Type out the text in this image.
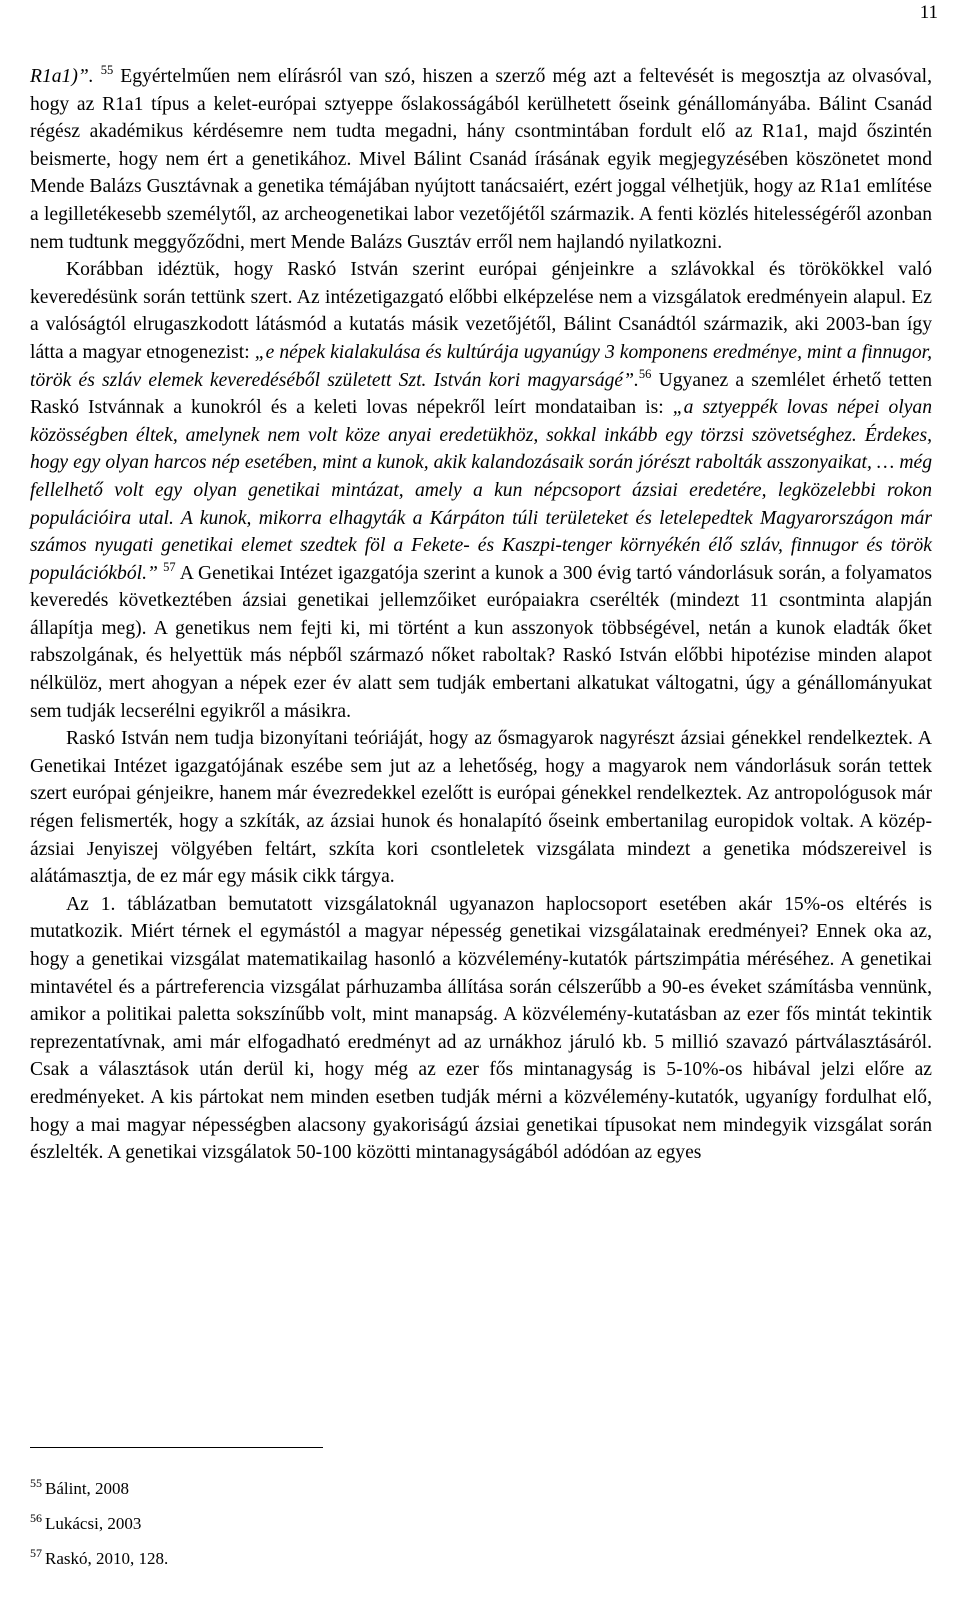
11

R1a1)”. $^{55}$ Egyértelműen nem elírásról van szó, hiszen a szerző még azt a feltevését is megosztja az olvasóval, hogy az R1a1 típus a kelet-európai sztyeppe őslakosságából kerülhetett őseink génállományába. Bálint Csanád régész akadémikus kérdésemre nem tudta megadni, hány csontmintában fordult elő az R1a1, majd őszintén beismerte, hogy nem ért a genetikához. Mivel Bálint Csanád írásának egyik megjegyzésében köszönetet mond Mende Balázs Gusztávnak a genetika témájában nyújtott tanácsaiért, ezért joggal vélhetjük, hogy az R1a1 említése a legilletékesebb személytől, az archeogenetikai labor vezetőjétől származik. A fenti közlés hitelességéről azonban nem tudtunk meggyőződni, mert Mende Balázs Gusztáv erről nem hajlandó nyilatkozni.

Korábban idéztük, hogy Raskó István szerint európai génjeinkre a szlávokkal és törökökkel való keveredésünk során tettünk szert. Az intézetigazgató előbbi elképzelése nem a vizsgálatok eredményein alapul. Ez a valóságtól elrugaszkodott látásmód a kutatás másik vezetőjétől, Bálint Csanádtól származik, aki 2003-ban így látta a magyar etnogenezist: „e népek kialakulása és kultúrája ugyanúgy 3 komponens eredménye, mint a finnugor, török és szláv elemek keveredéséből született Szt. István kori magyarságé”.$^{56}$ Ugyanez a szemlélet érhető tetten Raskó Istvánnak a kunokról és a keleti lovas népekről leírt mondataiban is: „a sztyeppék lovas népei olyan közösségben éltek, amelynek nem volt köze anyai eredetükhöz, sokkal inkább egy törzsi szövetséghez. Érdekes, hogy egy olyan harcos nép esetében, mint a kunok, akik kalandozásaik során jórészt rabolták asszonyaikat, … még fellelhető volt egy olyan genetikai mintázat, amely a kun népcsoport ázsiai eredetére, legközelebbi rokon populációira utal. A kunok, mikorra elhagyták a Kárpáton túli területeket és letelepedtek Magyarországon már számos nyugati genetikai elemet szedtek föl a Fekete- és Kaszpi-tenger környékén élő szláv, finnugor és török populációkból.” $^{57}$ A Genetikai Intézet igazgatója szerint a kunok a 300 évig tartó vándorlásuk során, a folyamatos keveredés következtében ázsiai genetikai jellemzőiket európaiakra cserélték (mindezt 11 csontminta alapján állapítja meg). A genetikus nem fejti ki, mi történt a kun asszonyok többségével, netán a kunok eladták őket rabszolgának, és helyettük más népből származó nőket raboltak? Raskó István előbbi hipotézise minden alapot nélkülöz, mert ahogyan a népek ezer év alatt sem tudják embertani alkatukat váltogatni, úgy a génállományukat sem tudják lecserélni egyikről a másikra.

Raskó István nem tudja bizonyítani teóriáját, hogy az ősmagyarok nagyrészt ázsiai génekkel rendelkeztek. A Genetikai Intézet igazgatójának eszébe sem jut az a lehetőség, hogy a magyarok nem vándorlásuk során tettek szert európai génjeikre, hanem már évezredekkel ezelőtt is európai génekkel rendelkeztek. Az antropológusok már régen felismerték, hogy a szkíták, az ázsiai hunok és honalapító őseink embertanilag europidok voltak. A közép-ázsiai Jenyiszej völgyében feltárt, szkíta kori csontleletek vizsgálata mindezt a genetika módszereivel is alátámasztja, de ez már egy másik cikk tárgya.

Az 1. táblázatban bemutatott vizsgálatoknál ugyanazon haplocsoport esetében akár 15%-os eltérés is mutatkozik. Miért térnek el egymástól a magyar népesség genetikai vizsgálatainak eredményei? Ennek oka az, hogy a genetikai vizsgálat matematikailag hasonló a közvélemény-kutatók pártszimpátia méréséhez. A genetikai mintavétel és a pártreferencia vizsgálat párhuzamba állítása során célszerűbb a 90-es éveket számításba vennünk, amikor a politikai paletta sokszínűbb volt, mint manapság. A közvélemény-kutatásban az ezer fős mintát tekintik reprezentatívnak, ami már elfogadható eredményt ad az urnákhoz járuló kb. 5 millió szavazó pártválasztásáról. Csak a választások után derül ki, hogy még az ezer fős mintanagyság is 5-10%-os hibával jelzi előre az eredményeket. A kis pártokat nem minden esetben tudják mérni a közvélemény-kutatók, ugyanígy fordulhat elő, hogy a mai magyar népességben alacsony gyakoriságú ázsiai genetikai típusokat nem mindegyik vizsgálat során észlelték. A genetikai vizsgálatok 50-100 közötti mintanagyságából adódóan az egyes

$^{55}$ Bálint, 2008
$^{56}$ Lukácsi, 2003
$^{57}$ Raskó, 2010, 128.
